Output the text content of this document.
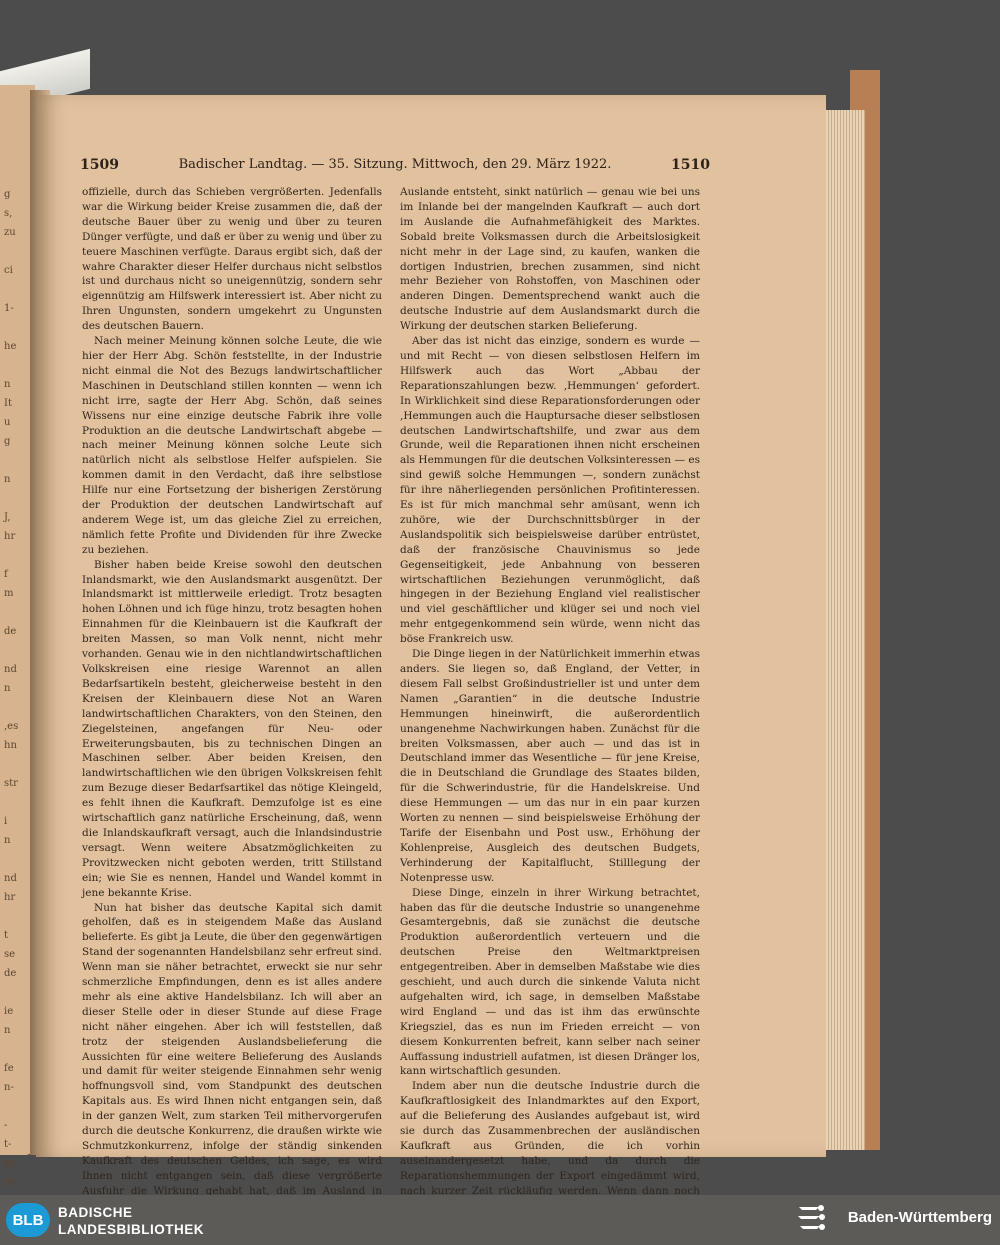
g
s,
zu

ci

1-

he

n
It
u
g

n

J,
hr

f
m

de

nd
n

,es
hn

str

i
n

nd
hr

t
se
de

ie
n

fe
n-

-
t-
ge
re

1509	Badischer Landtag. — 35. Sitzung. Mittwoch, den 29. März 1922.	1510

offizielle, durch das Schieben vergrößerten. Jedenfalls war die Wirkung beider Kreise zusammen die, daß der deutsche Bauer über zu wenig und über zu teuren Dünger verfügte, und daß er über zu wenig und über zu teuere Maschinen verfügte. Daraus ergibt sich, daß der wahre Charakter dieser Helfer durchaus nicht selbstlos ist und durchaus nicht so uneigennützig, sondern sehr eigennützig am Hilfswerk interessiert ist. Aber nicht zu Ihren Ungunsten, sondern umgekehrt zu Ungunsten des deutschen Bauern.

Nach meiner Meinung können solche Leute, die wie hier der Herr Abg. Schön feststellte, in der Industrie nicht einmal die Not des Bezugs landwirtschaftlicher Maschinen in Deutschland stillen konnten — wenn ich nicht irre, sagte der Herr Abg. Schön, daß seines Wissens nur eine einzige deutsche Fabrik ihre volle Produktion an die deutsche Landwirtschaft abgebe — nach meiner Meinung können solche Leute sich natürlich nicht als selbstlose Helfer aufspielen. Sie kommen damit in den Verdacht, daß ihre selbstlose Hilfe nur eine Fortsetzung der bisherigen Zerstörung der Produktion der deutschen Landwirtschaft auf anderem Wege ist, um das gleiche Ziel zu erreichen, nämlich fette Profite und Dividenden für ihre Zwecke zu beziehen.

Bisher haben beide Kreise sowohl den deutschen Inlandsmarkt, wie den Auslandsmarkt ausgenützt. Der Inlandsmarkt ist mittlerweile erledigt. Trotz besagten hohen Löhnen und ich füge hinzu, trotz besagten hohen Einnahmen für die Kleinbauern ist die Kaufkraft der breiten Massen, so man Volk nennt, nicht mehr vorhanden. Genau wie in den nichtlandwirtschaftlichen Volkskreisen eine riesige Warennot an allen Bedarfsartikeln besteht, gleicherweise besteht in den Kreisen der Kleinbauern diese Not an Waren landwirtschaftlichen Charakters, von den Steinen, den Ziegelsteinen, angefangen für Neu- oder Erweiterungsbauten, bis zu technischen Dingen an Maschinen selber. Aber beiden Kreisen, den landwirtschaftlichen wie den übrigen Volkskreisen fehlt zum Bezuge dieser Bedarfsartikel das nötige Kleingeld, es fehlt ihnen die Kaufkraft. Demzufolge ist es eine wirtschaftlich ganz natürliche Erscheinung, daß, wenn die Inlandskaufkraft versagt, auch die Inlandsindustrie versagt. Wenn weitere Absatzmöglichkeiten zu Provitzwecken nicht geboten werden, tritt Stillstand ein; wie Sie es nennen, Handel und Wandel kommt in jene bekannte Krise.

Nun hat bisher das deutsche Kapital sich damit geholfen, daß es in steigendem Maße das Ausland belieferte. Es gibt ja Leute, die über den gegenwärtigen Stand der sogenannten Handelsbilanz sehr erfreut sind. Wenn man sie näher betrachtet, erweckt sie nur sehr schmerzliche Empfindungen, denn es ist alles andere mehr als eine aktive Handelsbilanz. Ich will aber an dieser Stelle oder in dieser Stunde auf diese Frage nicht näher eingehen. Aber ich will feststellen, daß trotz der steigenden Auslandsbelieferung die Aussichten für eine weitere Belieferung des Auslands und damit für weiter steigende Einnahmen sehr wenig hoffnungsvoll sind, vom Standpunkt des deutschen Kapitals aus. Es wird Ihnen nicht entgangen sein, daß in der ganzen Welt, zum starken Teil mithervorgerufen durch die deutsche Konkurrenz, die draußen wirkte wie Schmutzkonkurrenz, infolge der ständig sinkenden Kaufkraft des deutschen Geldes, ich sage, es wird Ihnen nicht entgangen sein, daß diese vergrößerte Ausfuhr die Wirkung gehabt hat, daß im Ausland in

Auslande entsteht, sinkt natürlich — genau wie bei uns im Inlande bei der mangelnden Kaufkraft — auch dort im Auslande die Aufnahmefähigkeit des Marktes. Sobald breite Volksmassen durch die Arbeitslosigkeit nicht mehr in der Lage sind, zu kaufen, wanken die dortigen Industrien, brechen zusammen, sind nicht mehr Bezieher von Rohstoffen, von Maschinen oder anderen Dingen. Dementsprechend wankt auch die deutsche Industrie auf dem Auslandsmarkt durch die Wirkung der deutschen starken Belieferung.

Aber das ist nicht das einzige, sondern es wurde — und mit Recht — von diesen selbstlosen Helfern im Hilfswerk auch das Wort „Abbau der Reparationszahlungen bezw. ‚Hemmungen‘ gefordert. In Wirklichkeit sind diese Reparationsforderungen oder ‚Hemmungen auch die Hauptursache dieser selbstlosen deutschen Landwirtschaftshilfe, und zwar aus dem Grunde, weil die Reparationen ihnen nicht erscheinen als Hemmungen für die deutschen Volksinteressen — es sind gewiß solche Hemmungen —, sondern zunächst für ihre näherliegenden persönlichen Profitinteressen. Es ist für mich manchmal sehr amüsant, wenn ich zuhöre, wie der Durchschnittsbürger in der Auslandspolitik sich beispielsweise darüber entrüstet, daß der französische Chauvinismus so jede Gegenseitigkeit, jede Anbahnung von besseren wirtschaftlichen Beziehungen verunmöglicht, daß hingegen in der Beziehung England viel realistischer und viel geschäftlicher und klüger sei und noch viel mehr entgegenkommend sein würde, wenn nicht das böse Frankreich usw.

Die Dinge liegen in der Natürlichkeit immerhin etwas anders. Sie liegen so, daß England, der Vetter, in diesem Fall selbst Großindustrieller ist und unter dem Namen „Garantien“ in die deutsche Industrie Hemmungen hineinwirft, die außerordentlich unangenehme Nachwirkungen haben. Zunächst für die breiten Volksmassen, aber auch — und das ist in Deutschland immer das Wesentliche — für jene Kreise, die in Deutschland die Grundlage des Staates bilden, für die Schwerindustrie, für die Handelskreise. Und diese Hemmungen — um das nur in ein paar kurzen Worten zu nennen — sind beispielsweise Erhöhung der Tarife der Eisenbahn und Post usw., Erhöhung der Kohlenpreise, Ausgleich des deutschen Budgets, Verhinderung der Kapitalflucht, Stilllegung der Notenpresse usw.

Diese Dinge, einzeln in ihrer Wirkung betrachtet, haben das für die deutsche Industrie so unangenehme Gesamtergebnis, daß sie zunächst die deutsche Produktion außerordentlich verteuern und die deutschen Preise den Weltmarktpreisen entgegentreiben. Aber in demselben Maßstabe wie dies geschieht, und auch durch die sinkende Valuta nicht aufgehalten wird, ich sage, in demselben Maßstabe wird England — und das ist ihm das erwünschte Kriegsziel, das es nun im Frieden erreicht — von diesem Konkurrenten befreit, kann selber nach seiner Auffassung industriell aufatmen, ist diesen Dränger los, kann wirtschaftlich gesunden.

Indem aber nun die deutsche Industrie durch die Kaufkraftlosigkeit des Inlandmarktes auf den Export, auf die Belieferung des Auslandes aufgebaut ist, wird sie durch das Zusammenbrechen der ausländischen Kaufkraft aus Gründen, die ich vorhin auseinandergesetzt habe, und da durch die Reparationshemmungen der Export eingedämmt wird, nach kurzer Zeit rückläufig werden. Wenn dann noch

BLB	BADISCHE
LANDESBIBLIOTHEK
Baden-Württemberg
